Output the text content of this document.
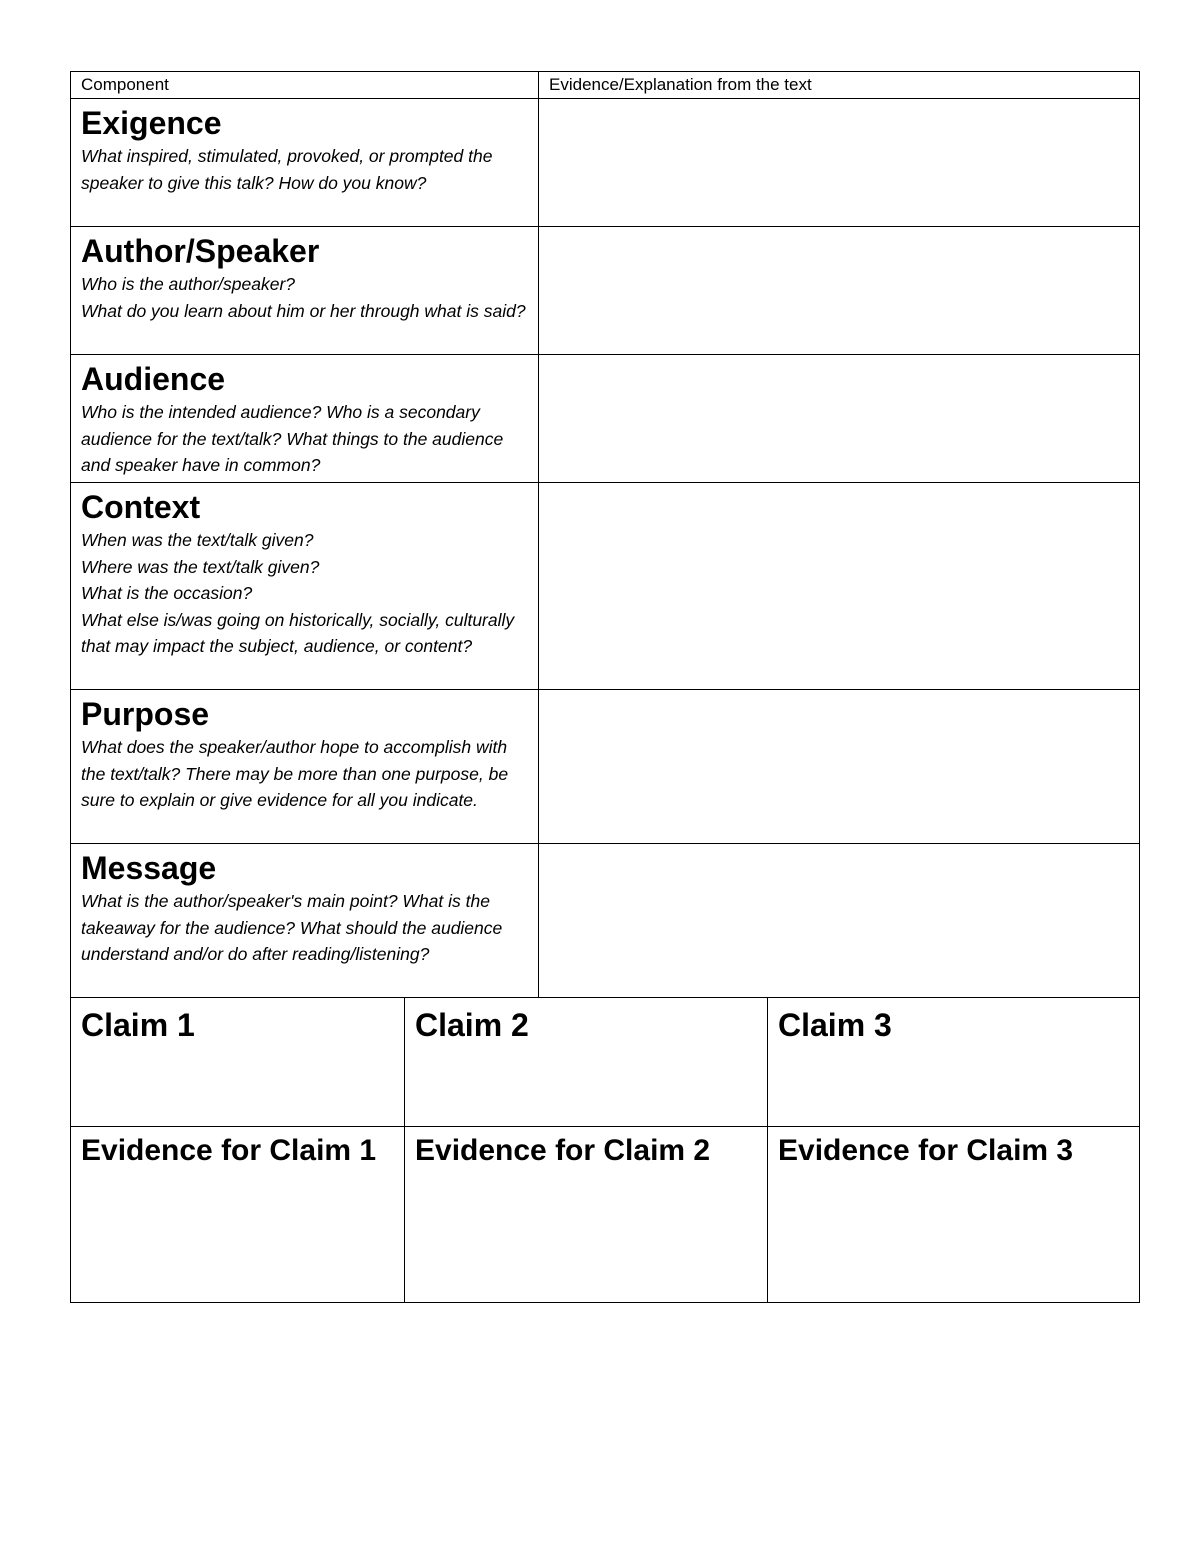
Component	Evidence/Explanation from the text

Exigence
What inspired, stimulated, provoked, or prompted the speaker to give this talk? How do you know?	

Author/Speaker
Who is the author/speaker?
What do you learn about him or her through what is said?	

Audience
Who is the intended audience? Who is a secondary audience for the text/talk? What things to the audience and speaker have in common?	

Context
When was the text/talk given?
Where was the text/talk given?
What is the occasion?
What else is/was going on historically, socially, culturally that may impact the subject, audience, or content?	

Purpose
What does the speaker/author hope to accomplish with the text/talk? There may be more than one purpose, be sure to explain or give evidence for all you indicate.	

Message
What is the author/speaker's main point? What is the takeaway for the audience? What should the audience understand and/or do after reading/listening?	

Claim 1	Claim 2	Claim 3

Evidence for Claim 1	Evidence for Claim 2	Evidence for Claim 3
